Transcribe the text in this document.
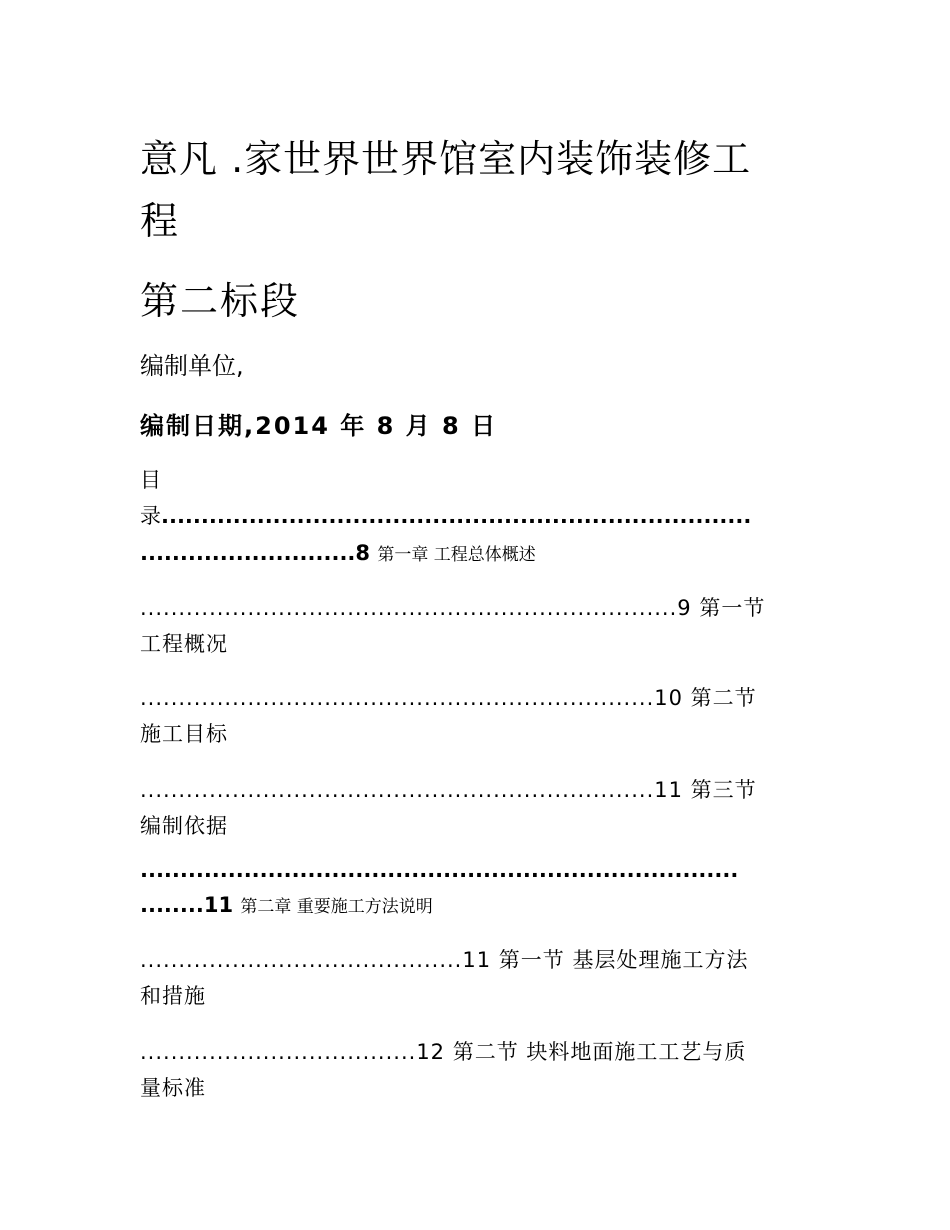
意凡 .家世界世界馆室内装饰装修工
程
第二标段
编制单位,
编制日期,2014 年 8 月 8 日
目
录..........................................................................
...........................8 第一章 工程总体概述
......................................................................9 第一节
工程概况
...................................................................10 第二节
施工目标
...................................................................11 第三节
编制依据
...........................................................................
........11 第二章 重要施工方法说明
..........................................11 第一节 基层处理施工方法
和措施
....................................12 第二节 块料地面施工工艺与质
量标准
